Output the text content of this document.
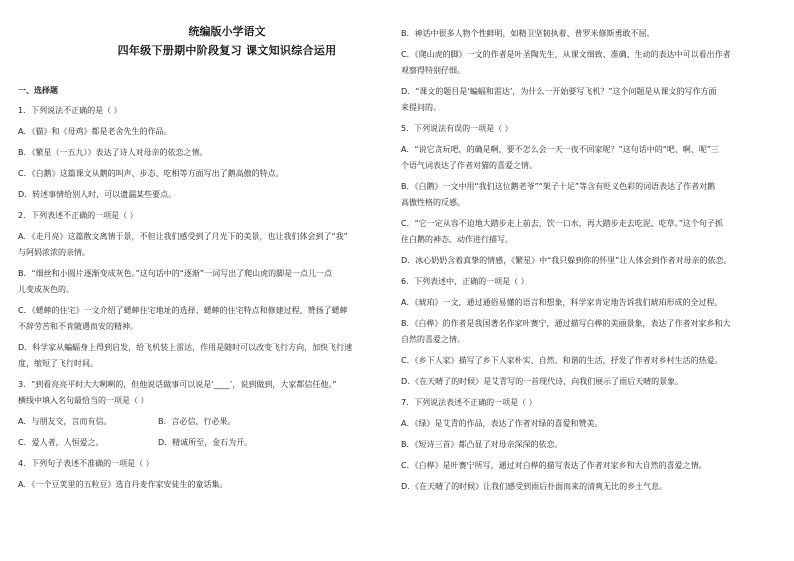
统编版小学语文
四年级下册期中阶段复习 课文知识综合运用
一、选择题
1．下列说法不正确的是（ ）
A．《猫》和《母鸡》都是老舍先生的作品。
B．《繁星（一五九）》表达了诗人对母亲的依恋之情。
C．《白鹅》这篇课文从鹅的叫声、步态、吃相等方面写出了鹅高傲的特点。
D．转述事情给别人时，可以遗漏某些要点。
2．下列表述不正确的一项是（ ）
A．《走月亮》这篇散文离情于景，不但让我们感受到了月光下的美景，也让我们体会到了“我”
与阿妈浓浓的亲情。
B．“细丝和小圆片逐渐变成灰色。”这句话中的“逐渐”一词写出了爬山虎的脚是一点儿一点
儿变成灰色的。
C．《蟋蟀的住宅》一文介绍了蟋蟀住宅地址的选择、蟋蟀的住宅特点和修建过程，赞扬了蟋蟀
不辞劳苦和不肯随遇而安的精神。
D．科学家从蝙蝠身上得到启发，给飞机装上雷达，作用是随时可以改变飞行方向，加快飞行速
度，缩短了飞行时间。
3．“到看亮亮平时大大咧咧的，但他说话做事可以说是‘____’，说到做到，大家都信任他。”
横线中填入名句最恰当的一项是（ ）
A．与朋友交，言而有信。	B．言必信，行必果。
C．爱人者，人恒爱之。	D．精诚所至，金石为开。
4．下列句子表述不准确的一项是（ ）
A．《一个豆荚里的五粒豆》选自丹麦作家安徒生的童话集。
B．神话中很多人物个性鲜明，如精卫坚韧执着、普罗米修斯勇敢不屈。
C．《爬山虎的脚》一文的作者是叶圣陶先生，从课文细致、准确、生动的表达中可以看出作者
观察得特别仔细。
D．“课文的题目是‘蝙蝠和雷达’，为什么一开始要写飞机？”这个问题是从课文的写作方面
来提问的。
5．下列说法有误的一项是（ ）
A．“说它贪玩吧，的确是啊，要不怎么会一天一夜不回家呢？”这句话中的“吧、啊、呢”三
个语气词表达了作者对猫的喜爱之情。
B．《白鹅》一文中用“我们这位鹅老爷”“架子十足”等含有贬义色彩的词语表达了作者对鹅
高傲性格的反感。
C．“它一定从容不迫地大踏步走上前去，饮一口水，再大踏步走去吃泥、吃草。”这个句子抓
住白鹅的神态、动作进行描写。
D．冰心奶奶含着真挚的情感，《繁星》中“我只躲到你的怀里”让人体会到作者对母亲的依恋。
6．下列表述中，正确的一项是（ ）
A．《琥珀》一文，通过通俗易懂的语言和想象，科学家肯定地告诉我们琥珀形成的全过程。
B．《白桦》的作者是我国著名作家叶赛宁，通过描写白桦的美丽景象，表达了作者对家乡和大
自然的喜爱之情。
C．《乡下人家》描写了乡下人家朴实、自然、和谐的生活，抒发了作者对乡村生活的热爱。
D．《在天晴了的时候》是艾青写的一首现代诗，向我们展示了雨后天晴的景象。
7．下列说法表述不正确的一项是（ ）
A．《绿》是艾青的作品，表达了作者对绿的喜爱和赞美。
B．《短诗三首》都凸显了对母亲深深的依恋。
C．《白桦》是叶赛宁所写，通过对白桦的描写表达了作者对家乡和大自然的喜爱之情。
D．《在天晴了的时候》让我们感受到雨后扑面而来的清爽无比的乡土气息。
